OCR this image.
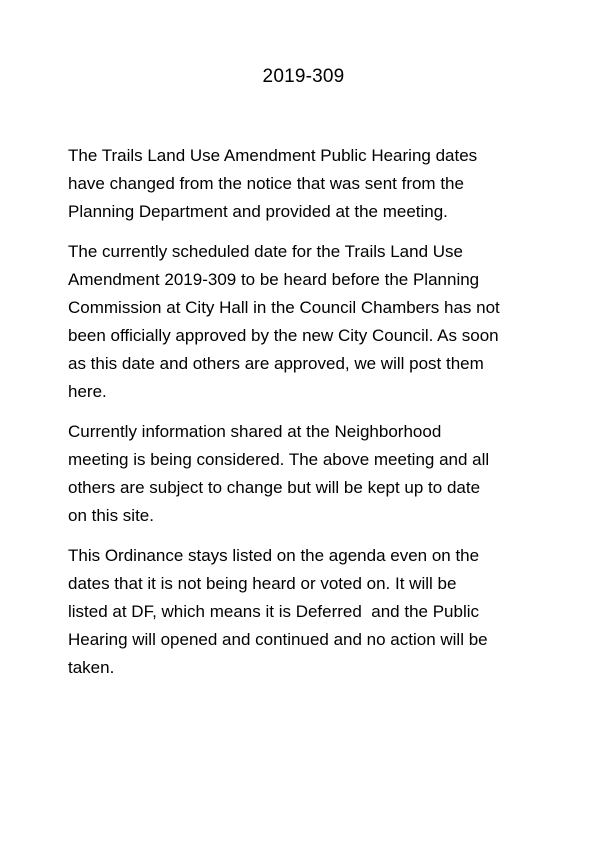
2019-309

The Trails Land Use Amendment Public Hearing dates
have changed from the notice that was sent from the
Planning Department and provided at the meeting.

The currently scheduled date for the Trails Land Use
Amendment 2019-309 to be heard before the Planning
Commission at City Hall in the Council Chambers has not
been officially approved by the new City Council. As soon
as this date and others are approved, we will post them
here.

Currently information shared at the Neighborhood
meeting is being considered. The above meeting and all
others are subject to change but will be kept up to date
on this site.

This Ordinance stays listed on the agenda even on the
dates that it is not being heard or voted on. It will be
listed at DF, which means it is Deferred  and the Public
Hearing will opened and continued and no action will be
taken.
